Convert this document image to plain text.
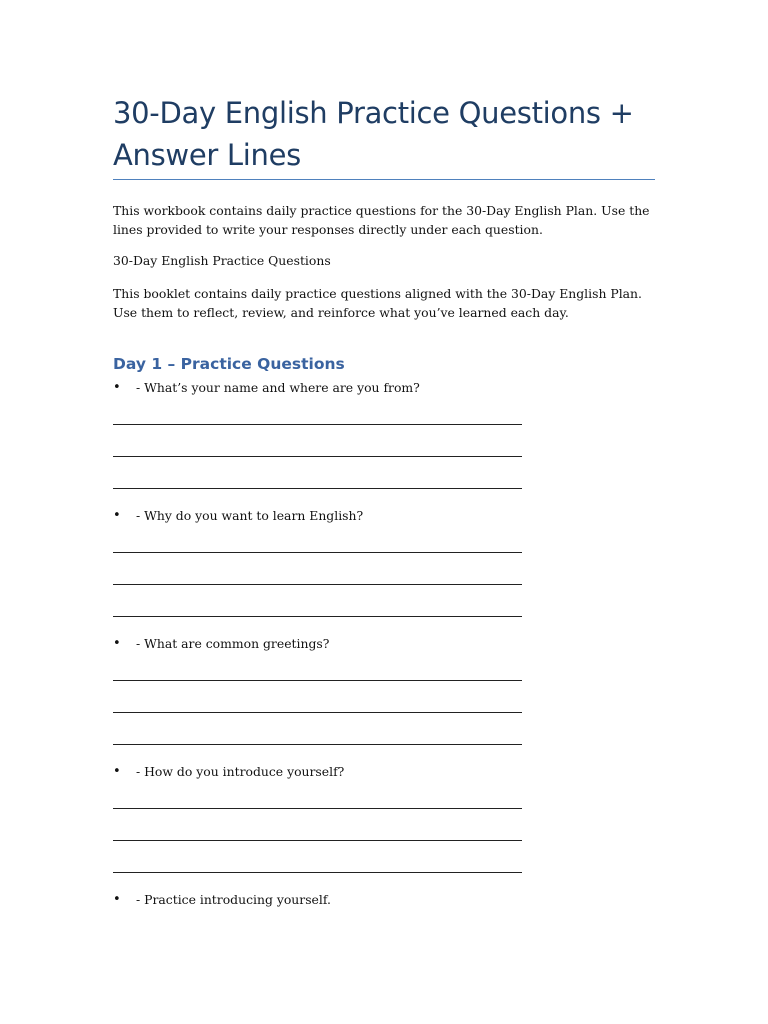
30-Day English Practice Questions + Answer Lines

This workbook contains daily practice questions for the 30-Day English Plan. Use the lines provided to write your responses directly under each question.

30-Day English Practice Questions

This booklet contains daily practice questions aligned with the 30-Day English Plan. Use them to reflect, review, and reinforce what you’ve learned each day.

Day 1 – Practice Questions
• - What’s your name and where are you from?
• - Why do you want to learn English?
• - What are common greetings?
• - How do you introduce yourself?
• - Practice introducing yourself.
